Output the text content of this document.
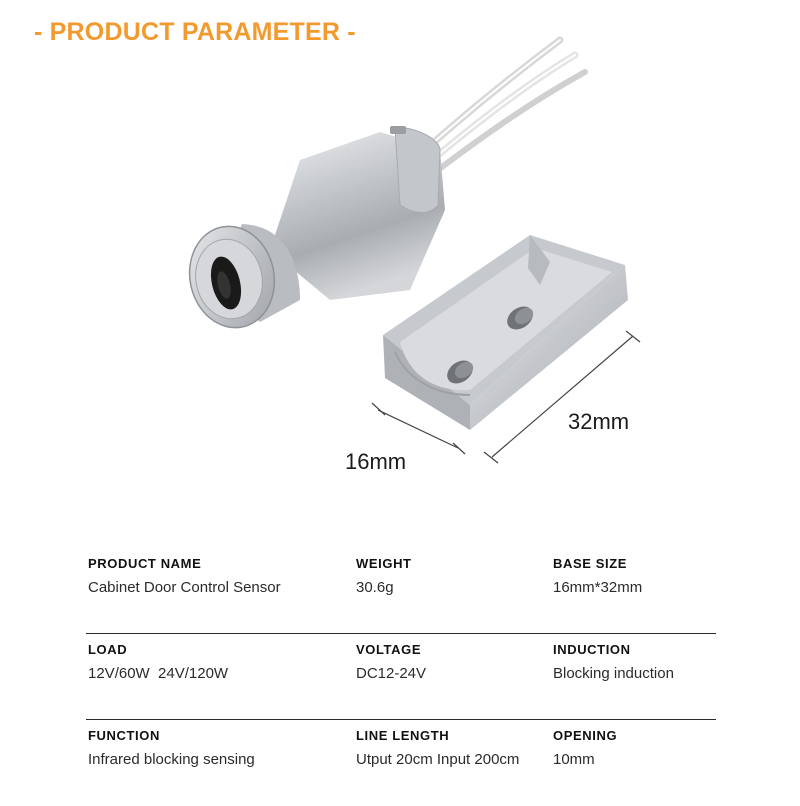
- PRODUCT PARAMETER -
16mm
32mm
PRODUCT NAME
Cabinet Door Control Sensor
WEIGHT
30.6g
BASE SIZE
16mm*32mm
LOAD
12V/60W  24V/120W
VOLTAGE
DC12-24V
INDUCTION
Blocking induction
FUNCTION
Infrared blocking sensing
LINE LENGTH
Utput 20cm Input 200cm
OPENING
10mm
